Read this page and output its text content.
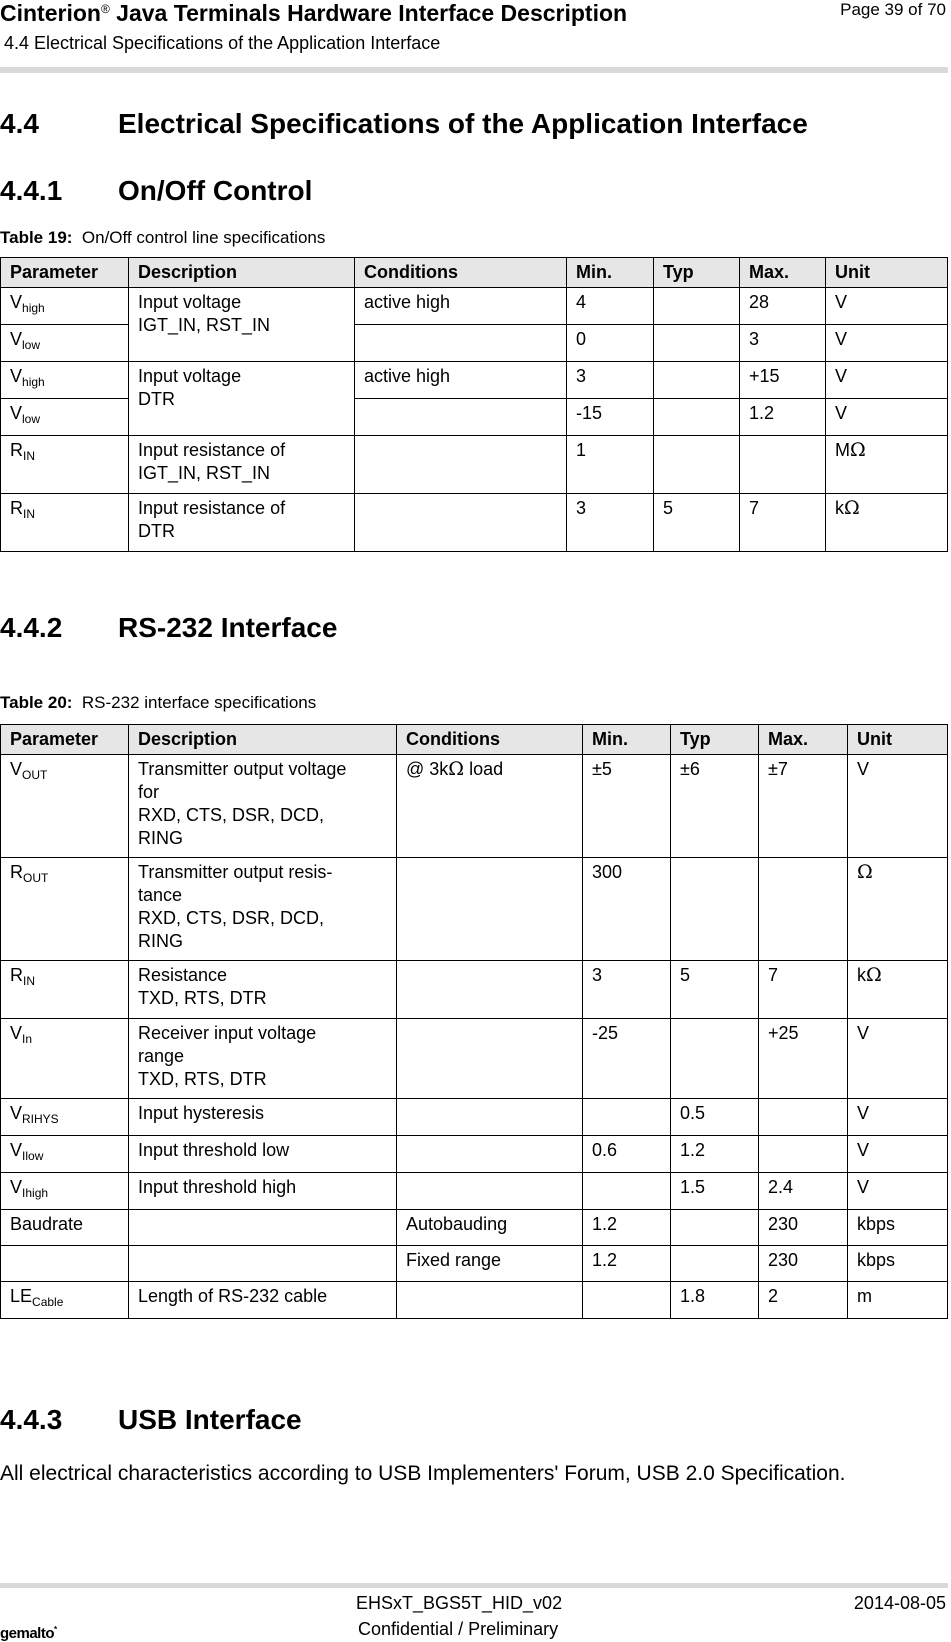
Cinterion® Java Terminals Hardware Interface Description
4.4 Electrical Specifications of the Application Interface
Page 39 of 70
4.4	Electrical Specifications of the Application Interface
4.4.1 On/Off Control
Table 19: On/Off control line specifications
Parameter	Description	Conditions	Min.	Typ	Max.	Unit
$V_{high}$	Input voltage
IGT_IN, RST_IN	active high	4		28	V
$V_{low}$			0		3	V
$V_{high}$	Input voltage
DTR	active high	3		+15	V
$V_{low}$			-15		1.2	V
$R_{IN}$	Input resistance of
IGT_IN, RST_IN		1			MΩ
$R_{IN}$	Input resistance of
DTR		3	5	7	kΩ
4.4.2 RS-232 Interface
Table 20: RS-232 interface specifications
Parameter	Description	Conditions	Min.	Typ	Max.	Unit
$V_{OUT}$	Transmitter output voltage
for
RXD, CTS, DSR, DCD,
RING	@ 3kΩ load	±5	±6	±7	V
$R_{OUT}$	Transmitter output resis-
tance
RXD, CTS, DSR, DCD,
RING		300			Ω
$R_{IN}$	Resistance
TXD, RTS, DTR		3	5	7	kΩ
$V_{In}$	Receiver input voltage
range
TXD, RTS, DTR		-25		+25	V
$V_{RIHYS}$	Input hysteresis			0.5		V
$V_{Ilow}$	Input threshold low		0.6	1.2		V
$V_{Ihigh}$	Input threshold high			1.5	2.4	V
Baudrate		Autobauding	1.2		230	kbps
		Fixed range	1.2		230	kbps
$LE_{Cable}$	Length of RS-232 cable			1.8	2	m
4.4.3 USB Interface
All electrical characteristics according to USB Implementers' Forum, USB 2.0 Specification.
gemalto*
EHSxT_BGS5T_HID_v02	2014-08-05
Confidential / Preliminary
